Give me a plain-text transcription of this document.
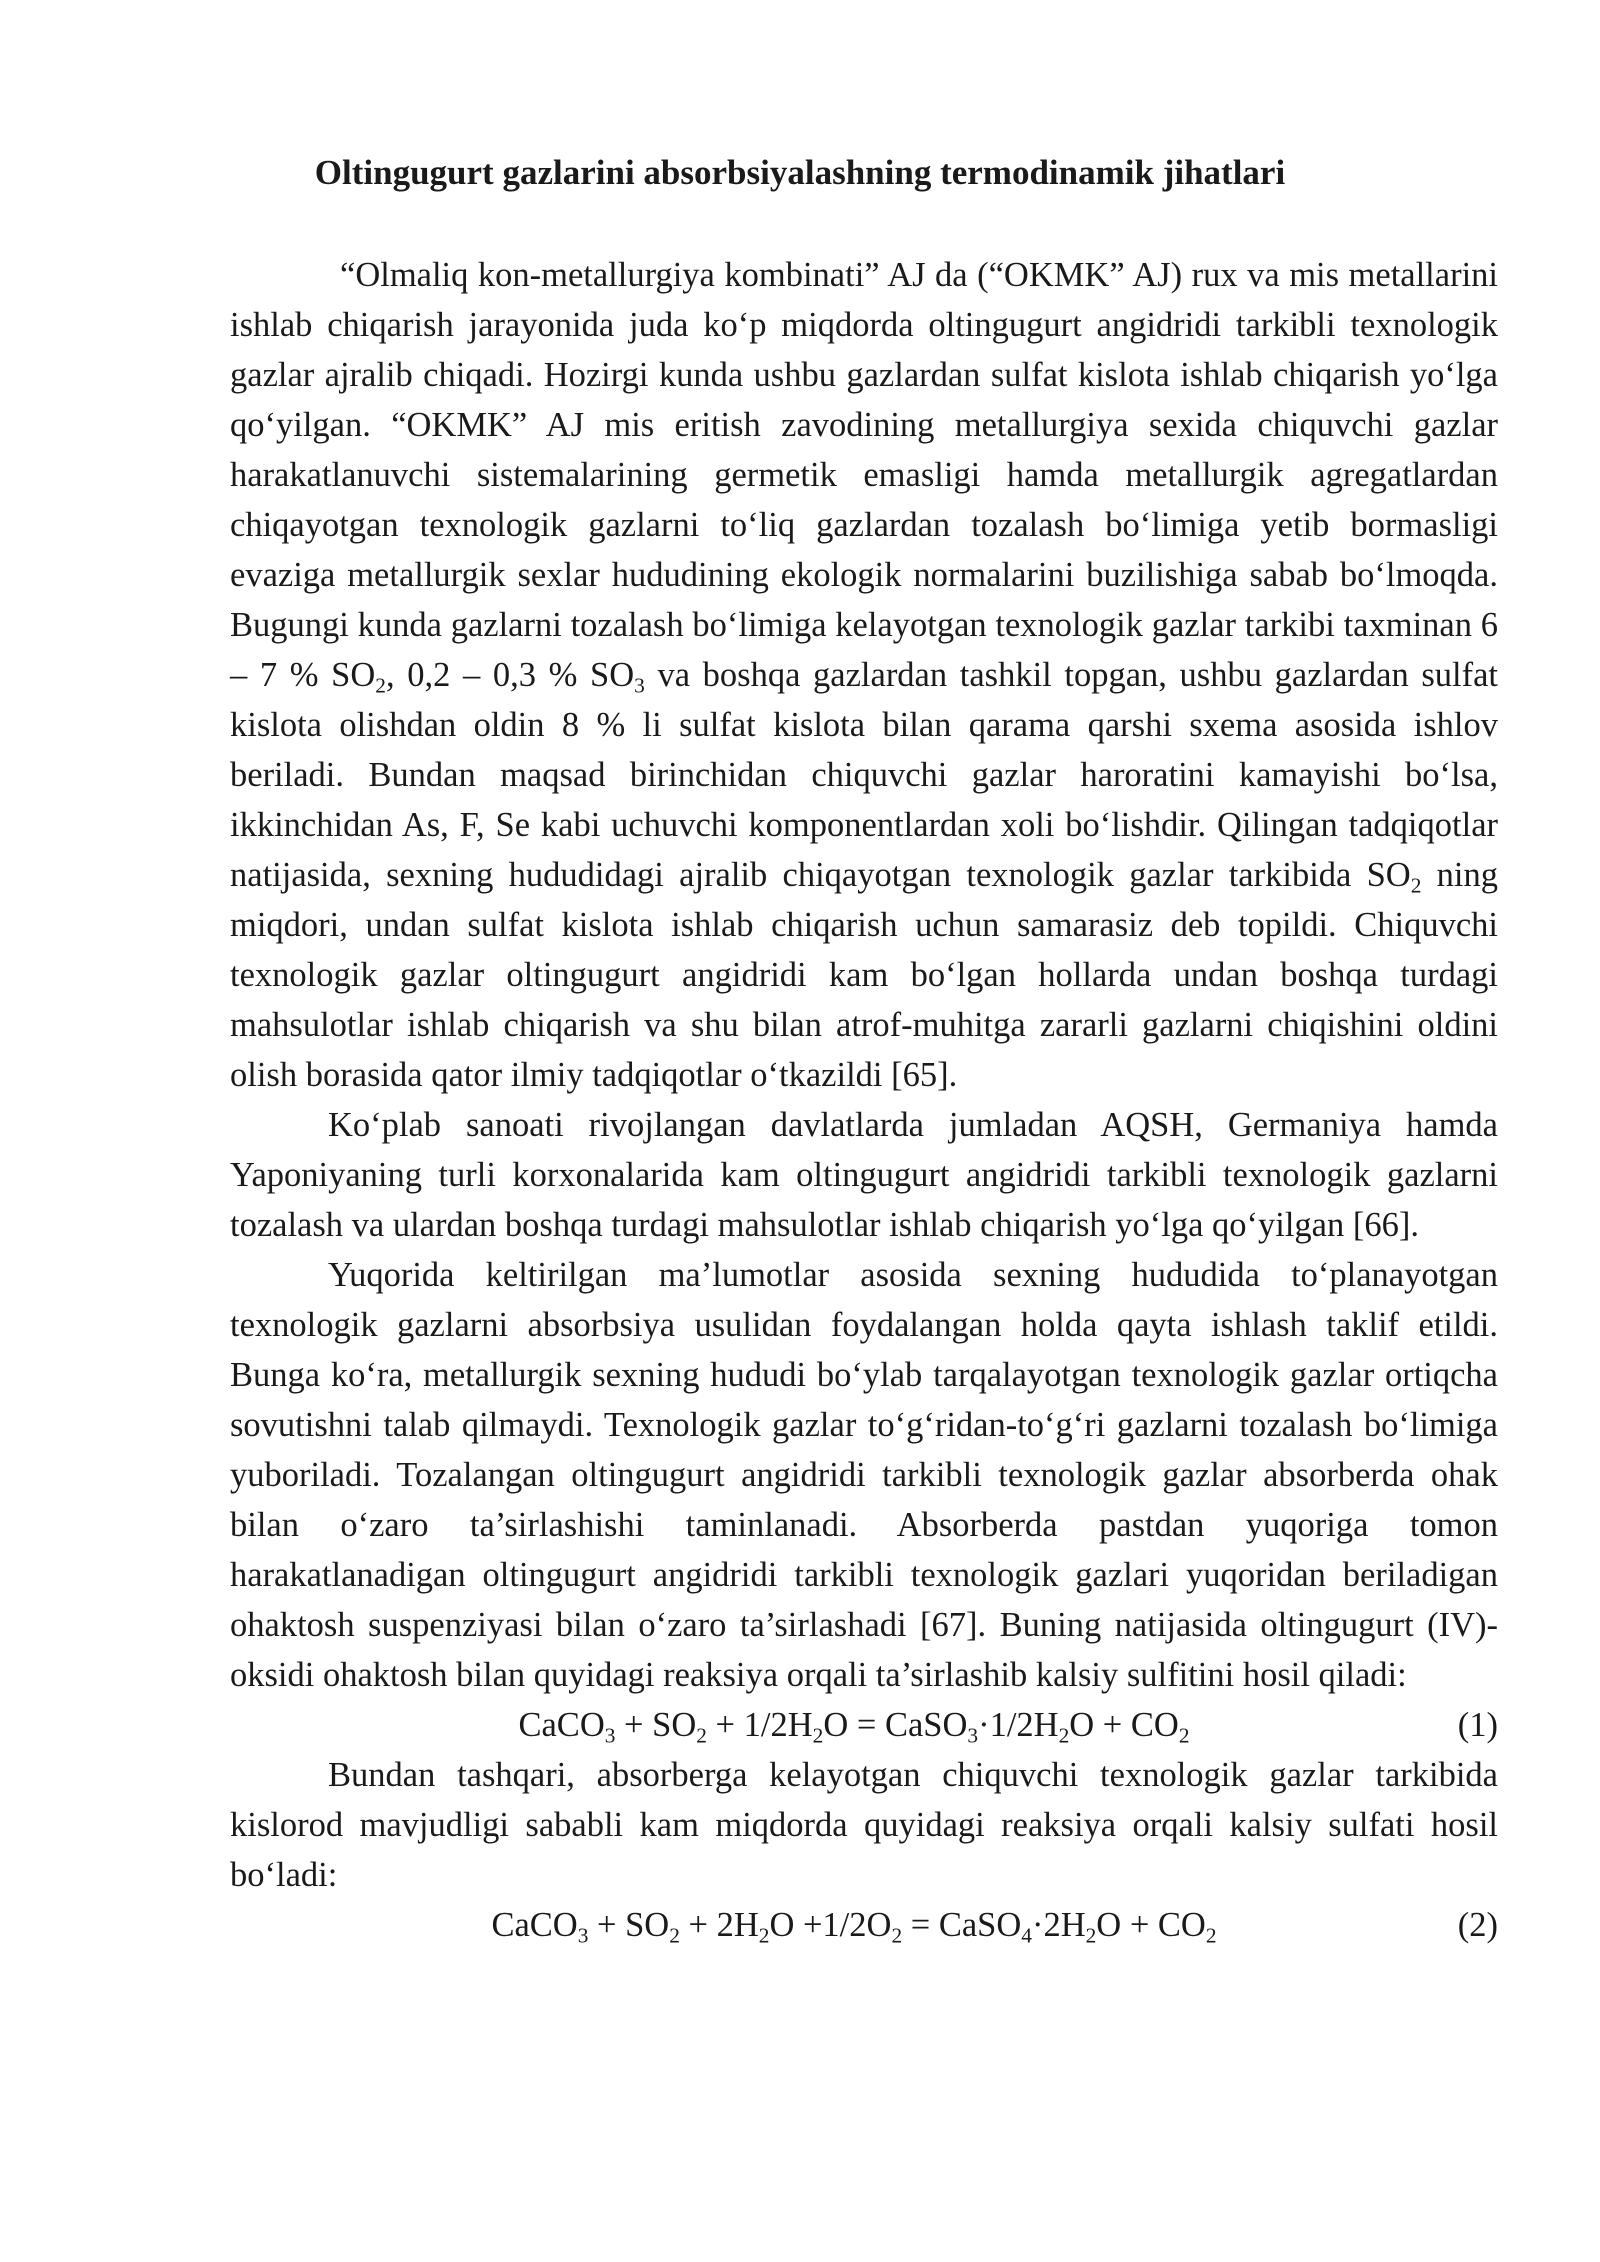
Oltingugurt gazlarini absorbsiyalashning termodinamik jihatlari

“Olmaliq kon-metallurgiya kombinati” AJ da (“OKMK” AJ) rux va mis metallarini ishlab chiqarish jarayonida juda ko‘p miqdorda oltingugurt angidridi tarkibli texnologik gazlar ajralib chiqadi. Hozirgi kunda ushbu gazlardan sulfat kislota ishlab chiqarish yo‘lga qo‘yilgan. “OKMK” AJ mis eritish zavodining metallurgiya sexida chiquvchi gazlar harakatlanuvchi sistemalarining germetik emasligi hamda metallurgik agregatlardan chiqayotgan texnologik gazlarni to‘liq gazlardan tozalash bo‘limiga yetib bormasligi evaziga metallurgik sexlar hududining ekologik normalarini buzilishiga sabab bo‘lmoqda. Bugungi kunda gazlarni tozalash bo‘limiga kelayotgan texnologik gazlar tarkibi taxminan 6 – 7 % $SO_2$, 0,2 – 0,3 % $SO_3$ va boshqa gazlardan tashkil topgan, ushbu gazlardan sulfat kislota olishdan oldin 8 % li sulfat kislota bilan qarama qarshi sxema asosida ishlov beriladi. Bundan maqsad birinchidan chiquvchi gazlar haroratini kamayishi bo‘lsa, ikkinchidan As, F, Se kabi uchuvchi komponentlardan xoli bo‘lishdir. Qilingan tadqiqotlar natijasida, sexning hududidagi ajralib chiqayotgan texnologik gazlar tarkibida $SO_2$ ning miqdori, undan sulfat kislota ishlab chiqarish uchun samarasiz deb topildi. Chiquvchi texnologik gazlar oltingugurt angidridi kam bo‘lgan hollarda undan boshqa turdagi mahsulotlar ishlab chiqarish va shu bilan atrof-muhitga zararli gazlarni chiqishini oldini olish borasida qator ilmiy tadqiqotlar o‘tkazildi [65].

Ko‘plab sanoati rivojlangan davlatlarda jumladan AQSH, Germaniya hamda Yaponiyaning turli korxonalarida kam oltingugurt angidridi tarkibli texnologik gazlarni tozalash va ulardan boshqa turdagi mahsulotlar ishlab chiqarish yo‘lga qo‘yilgan [66].

Yuqorida keltirilgan ma’lumotlar asosida sexning hududida to‘planayotgan texnologik gazlarni absorbsiya usulidan foydalangan holda qayta ishlash taklif etildi. Bunga ko‘ra, metallurgik sexning hududi bo‘ylab tarqalayotgan texnologik gazlar ortiqcha sovutishni talab qilmaydi. Texnologik gazlar to‘g‘ridan-to‘g‘ri gazlarni tozalash bo‘limiga yuboriladi. Tozalangan oltingugurt angidridi tarkibli texnologik gazlar absorberda ohak bilan o‘zaro ta’sirlashishi taminlanadi. Absorberda pastdan yuqoriga tomon harakatlanadigan oltingugurt angidridi tarkibli texnologik gazlari yuqoridan beriladigan ohaktosh suspenziyasi bilan o‘zaro ta’sirlashadi [67]. Buning natijasida oltingugurt (IV)-oksidi ohaktosh bilan quyidagi reaksiya orqali ta’sirlashib kalsiy sulfitini hosil qiladi:

CaCO$_3$ + $SO_2 + 1/2H_2O$ = $CaSO_3\cdot 1/2H_2O + CO_2$	(1)

Bundan tashqari, absorberga kelayotgan chiquvchi texnologik gazlar tarkibida kislorod mavjudligi sababli kam miqdorda quyidagi reaksiya orqali kalsiy sulfati hosil bo‘ladi:

CaCO$_3$ + $SO_2 + 2H_2O +1/2O_2$ = $CaSO_4\cdot 2H_2O + CO_2$	(2)
